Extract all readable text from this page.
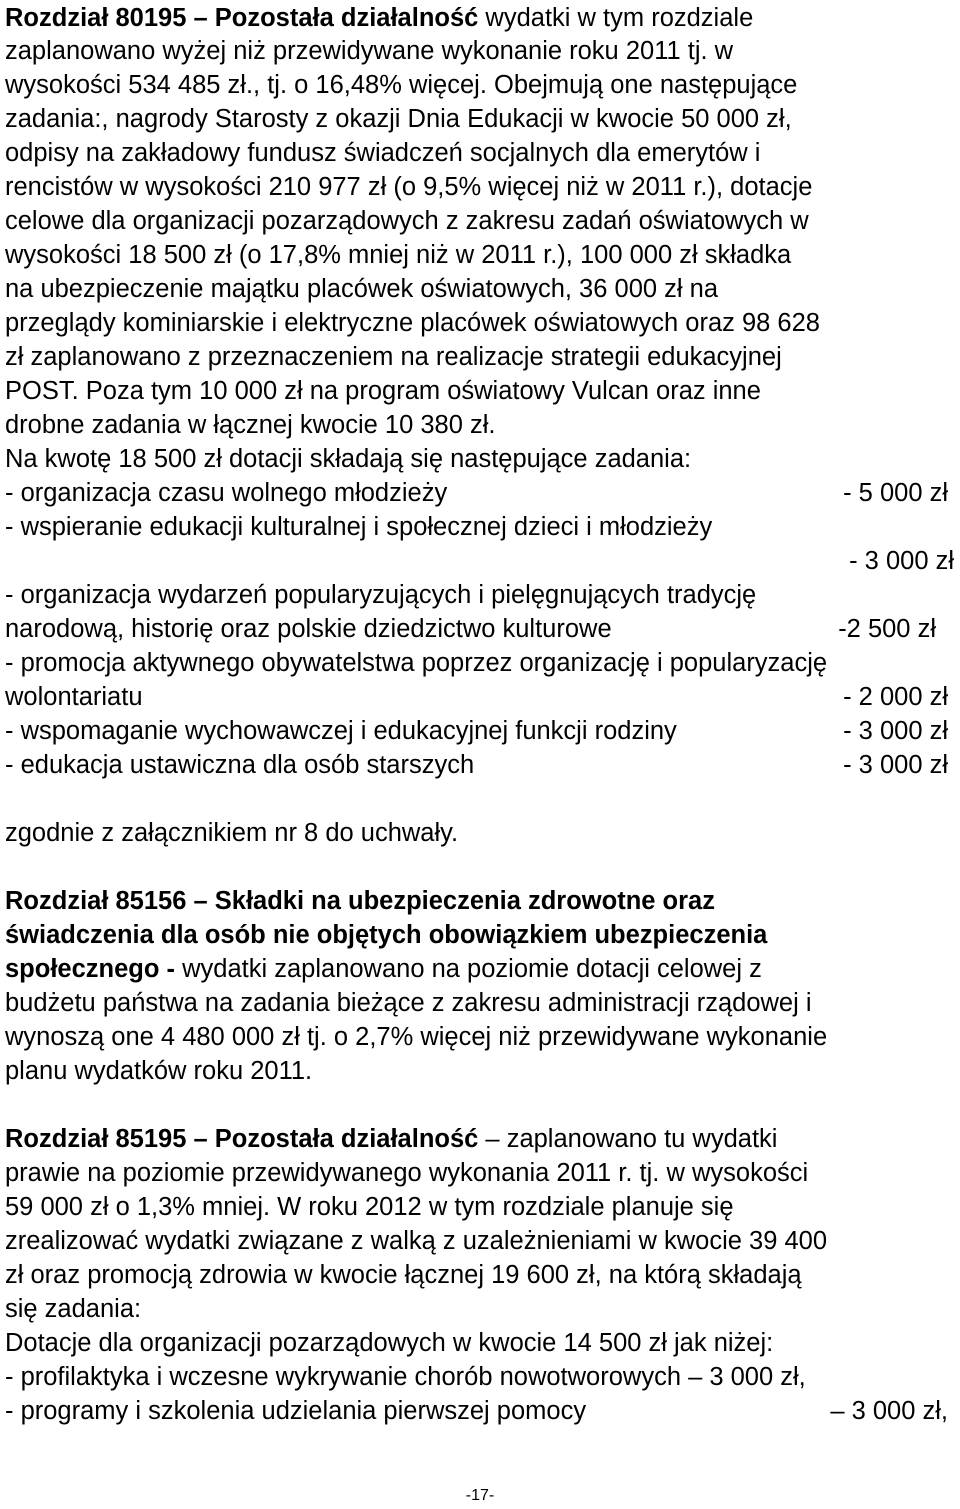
Rozdział 80195 – Pozostała działalność wydatki w tym rozdziale
zaplanowano wyżej niż przewidywane wykonanie roku 2011 tj. w
wysokości 534 485 zł., tj. o 16,48% więcej. Obejmują one następujące
zadania:, nagrody Starosty z okazji Dnia Edukacji w kwocie 50 000 zł,
odpisy na zakładowy fundusz świadczeń socjalnych dla emerytów i
rencistów w wysokości 210 977 zł (o 9,5% więcej niż w 2011 r.), dotacje
celowe dla organizacji pozarządowych z zakresu zadań oświatowych w
wysokości 18 500 zł (o 17,8% mniej niż w 2011 r.), 100 000 zł składka
na ubezpieczenie majątku placówek oświatowych, 36 000 zł na
przeglądy kominiarskie i elektryczne placówek oświatowych oraz 98 628
zł zaplanowano z przeznaczeniem na realizacje strategii edukacyjnej
POST. Poza tym 10 000 zł na program oświatowy Vulcan oraz inne
drobne zadania w łącznej kwocie 10 380 zł.
Na kwotę 18 500 zł dotacji składają się następujące zadania:
- organizacja czasu wolnego młodzieży	- 5 000 zł
- wspieranie edukacji kulturalnej i społecznej dzieci i młodzieży
- 3 000 zł
- organizacja wydarzeń popularyzujących i pielęgnujących tradycję
narodową, historię oraz polskie dziedzictwo kulturowe	-2 500 zł
- promocja aktywnego obywatelstwa poprzez organizację i popularyzację
wolontariatu	- 2 000 zł
- wspomaganie wychowawczej i edukacyjnej funkcji rodziny	- 3 000 zł
- edukacja ustawiczna dla osób starszych	- 3 000 zł
zgodnie z załącznikiem nr 8 do uchwały.
Rozdział 85156 – Składki na ubezpieczenia zdrowotne oraz
świadczenia dla osób nie objętych obowiązkiem ubezpieczenia
społecznego - wydatki zaplanowano na poziomie dotacji celowej z
budżetu państwa na zadania bieżące z zakresu administracji rządowej i
wynoszą one 4 480 000 zł tj. o 2,7% więcej niż przewidywane wykonanie
planu wydatków roku 2011.
Rozdział 85195 – Pozostała działalność – zaplanowano tu wydatki
prawie na poziomie przewidywanego wykonania 2011 r. tj. w wysokości
59 000 zł o 1,3% mniej. W roku 2012 w tym rozdziale planuje się
zrealizować wydatki związane z walką z uzależnieniami w kwocie 39 400
zł oraz promocją zdrowia w kwocie łącznej 19 600 zł, na którą składają
się zadania:
Dotacje dla organizacji pozarządowych w kwocie 14 500 zł jak niżej:
- profilaktyka i wczesne wykrywanie chorób nowotworowych – 3 000 zł,
- programy i szkolenia udzielania pierwszej pomocy	– 3 000 zł,
-17-
